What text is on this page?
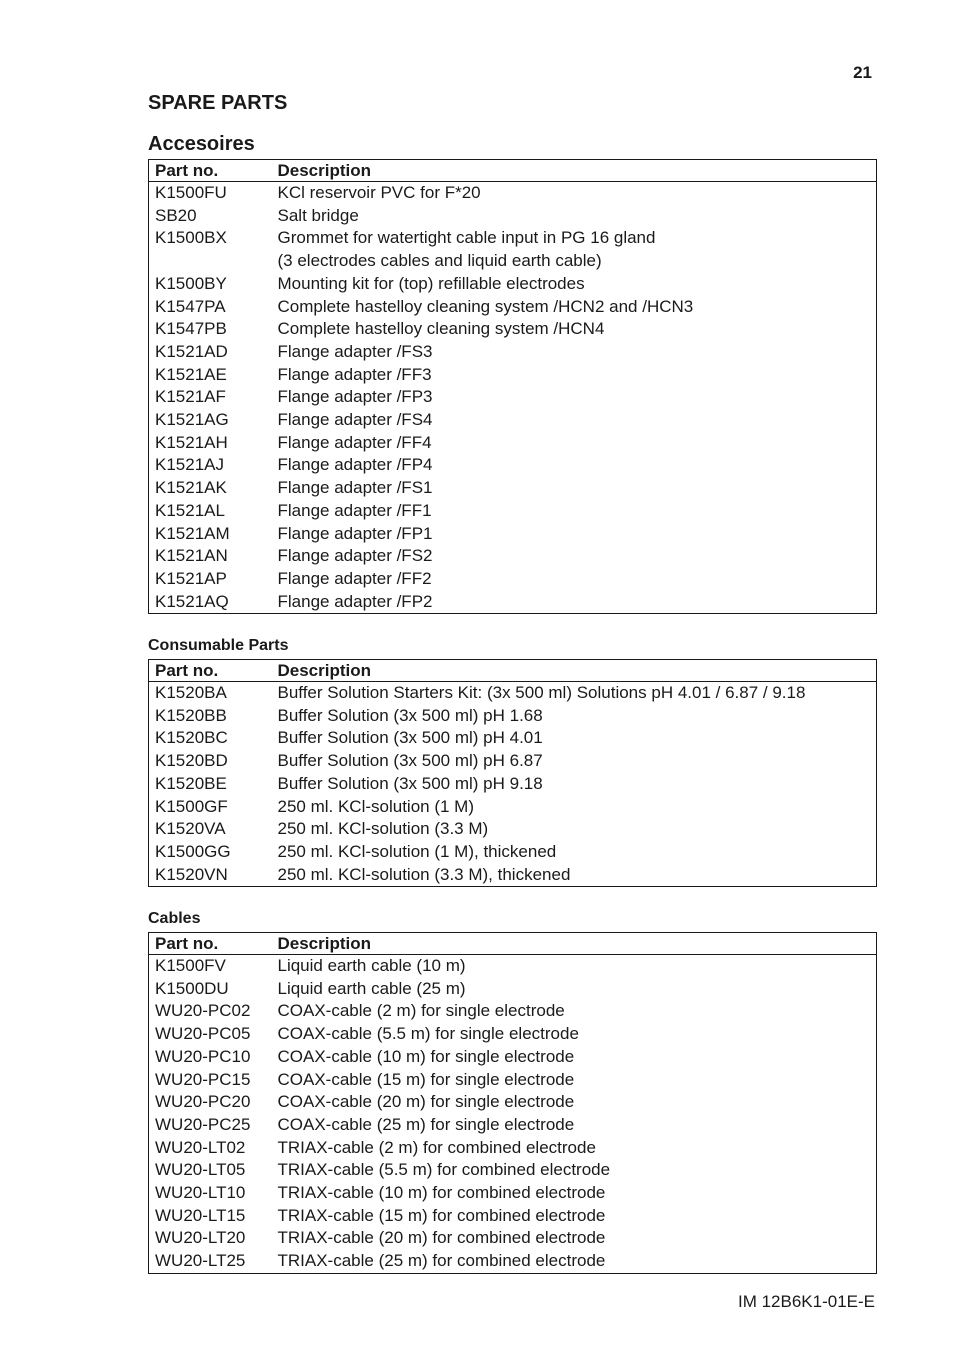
21
SPARE PARTS
Accesoires
Part no.	Description
K1500FU	KCl reservoir PVC for F*20
SB20	Salt bridge
K1500BX	Grommet for watertight cable input in PG 16 gland
(3 electrodes cables and liquid earth cable)

K1500BY	Mounting kit for (top) refillable electrodes
K1547PA	Complete hastelloy cleaning system /HCN2 and /HCN3
K1547PB	Complete hastelloy cleaning system /HCN4
K1521AD	Flange adapter /FS3
K1521AE	Flange adapter /FF3
K1521AF	Flange adapter /FP3
K1521AG	Flange adapter /FS4
K1521AH	Flange adapter /FF4
K1521AJ	Flange adapter /FP4
K1521AK	Flange adapter /FS1
K1521AL	Flange adapter /FF1
K1521AM	Flange adapter /FP1
K1521AN	Flange adapter /FS2
K1521AP	Flange adapter /FF2
K1521AQ	Flange adapter /FP2
Consumable Parts
Part no.	Description
K1520BA	Buffer Solution Starters Kit: (3x 500 ml) Solutions pH 4.01 / 6.87 / 9.18
K1520BB	Buffer Solution (3x 500 ml) pH 1.68
K1520BC	Buffer Solution (3x 500 ml) pH 4.01
K1520BD	Buffer Solution (3x 500 ml) pH 6.87
K1520BE	Buffer Solution (3x 500 ml) pH 9.18
K1500GF	250 ml. KCl-solution (1 M)
K1520VA	250 ml. KCl-solution (3.3 M)
K1500GG	250 ml. KCl-solution (1 M), thickened
K1520VN	250 ml. KCl-solution (3.3 M), thickened
Cables
Part no.	Description
K1500FV	Liquid earth cable (10 m)
K1500DU	Liquid earth cable (25 m)
WU20-PC02	COAX-cable (2 m) for single electrode
WU20-PC05	COAX-cable (5.5 m) for single electrode
WU20-PC10	COAX-cable (10 m) for single electrode
WU20-PC15	COAX-cable (15 m) for single electrode
WU20-PC20	COAX-cable (20 m) for single electrode
WU20-PC25	COAX-cable (25 m) for single electrode
WU20-LT02	TRIAX-cable (2 m) for combined electrode
WU20-LT05	TRIAX-cable (5.5 m) for combined electrode
WU20-LT10	TRIAX-cable (10 m) for combined electrode
WU20-LT15	TRIAX-cable (15 m) for combined electrode
WU20-LT20	TRIAX-cable (20 m) for combined electrode
WU20-LT25	TRIAX-cable (25 m) for combined electrode
IM 12B6K1-01E-E
